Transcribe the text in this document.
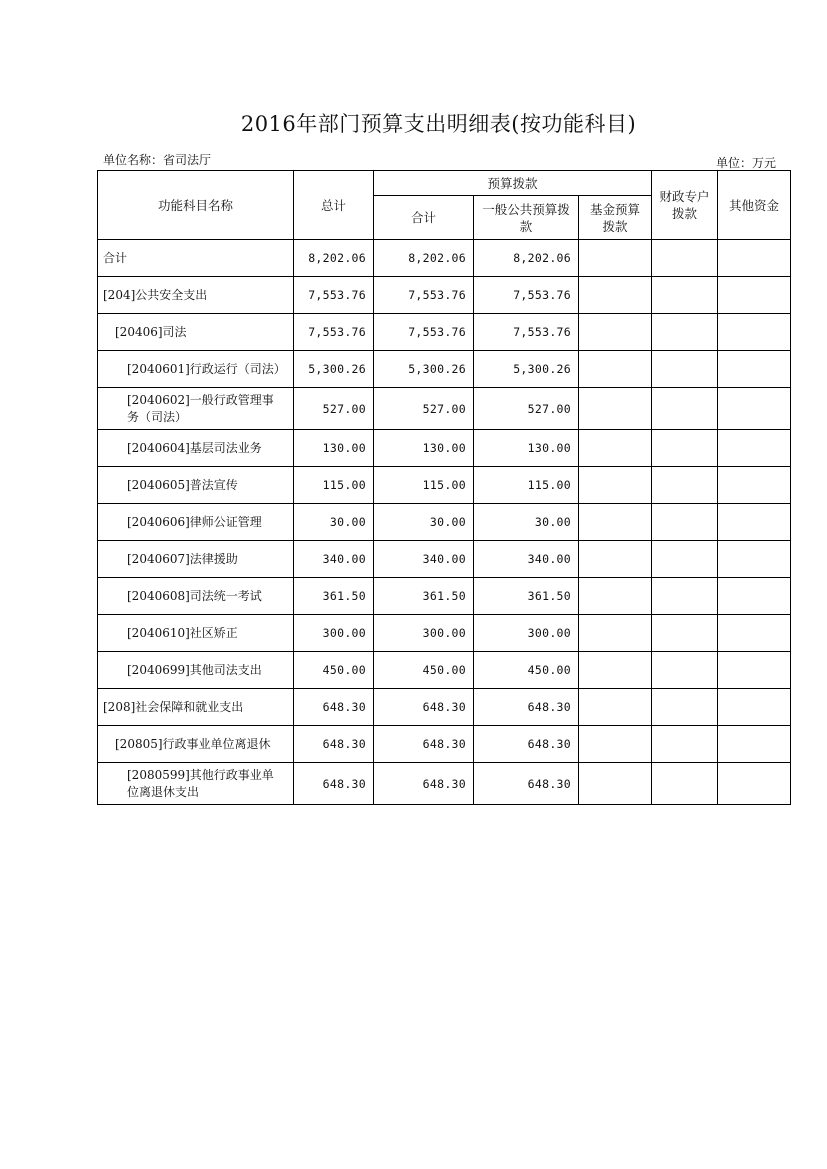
2016年部门预算支出明细表(按功能科目)
单位名称：省司法厅	单位：万元
功能科目名称	总计	预算拨款			财政专户拨款	其他资金
		合计	一般公共预算拨款	基金预算拨款		
合计	8,202.06	8,202.06	8,202.06			
[204]公共安全支出	7,553.76	7,553.76	7,553.76			
[20406]司法	7,553.76	7,553.76	7,553.76			
[2040601]行政运行（司法）	5,300.26	5,300.26	5,300.26			
[2040602]一般行政管理事务（司法）	527.00	527.00	527.00			
[2040604]基层司法业务	130.00	130.00	130.00			
[2040605]普法宣传	115.00	115.00	115.00			
[2040606]律师公证管理	30.00	30.00	30.00			
[2040607]法律援助	340.00	340.00	340.00			
[2040608]司法统一考试	361.50	361.50	361.50			
[2040610]社区矫正	300.00	300.00	300.00			
[2040699]其他司法支出	450.00	450.00	450.00			
[208]社会保障和就业支出	648.30	648.30	648.30			
[20805]行政事业单位离退休	648.30	648.30	648.30			
[2080599]其他行政事业单位离退休支出	648.30	648.30	648.30			
